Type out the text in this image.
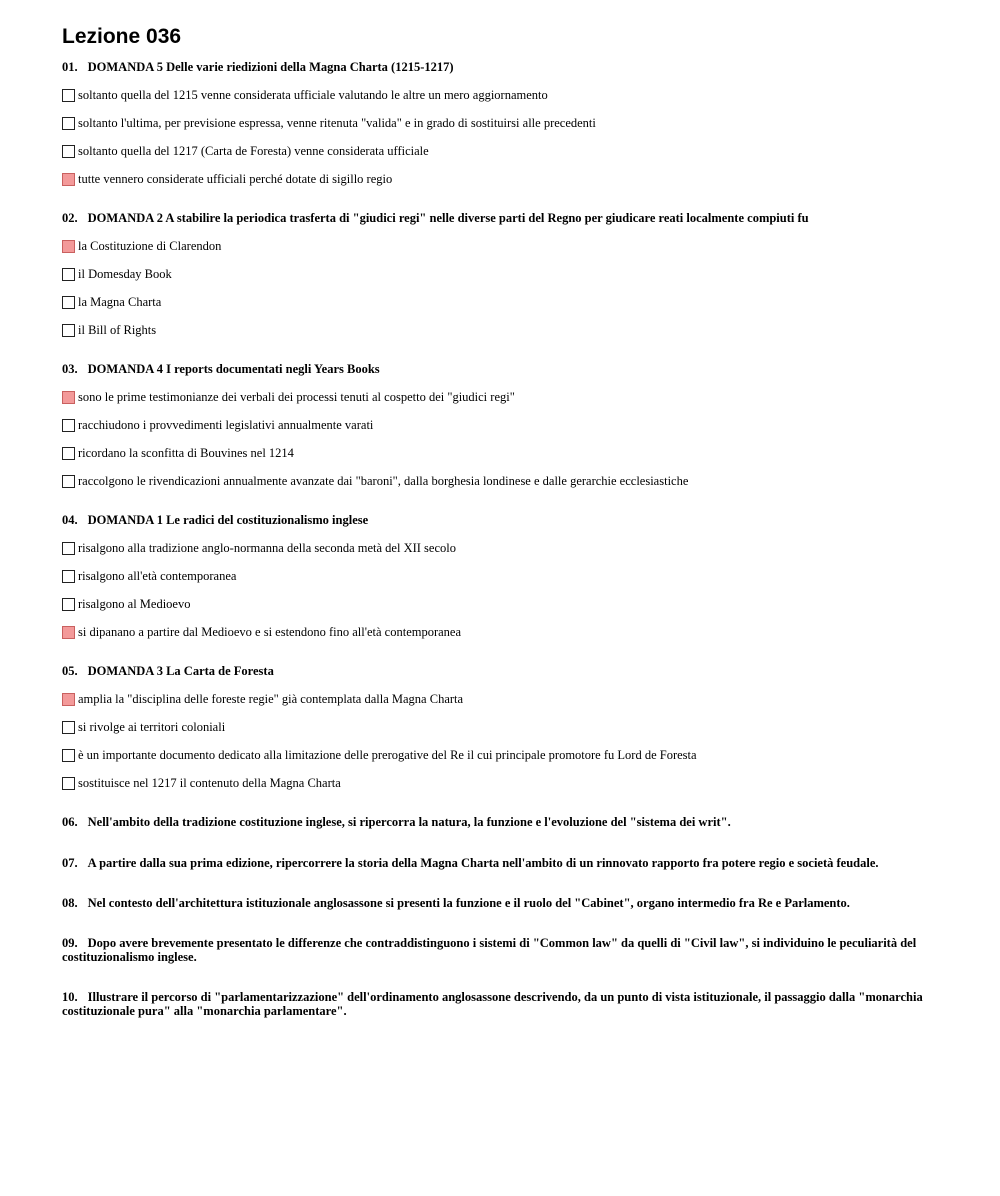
Lezione 036
01. DOMANDA 5 Delle varie riedizioni della Magna Charta (1215-1217)
soltanto quella del 1215 venne considerata ufficiale valutando le altre un mero aggiornamento
soltanto l'ultima, per previsione espressa, venne ritenuta "valida" e in grado di sostituirsi alle precedenti
soltanto quella del 1217 (Carta de Foresta) venne considerata ufficiale
tutte vennero considerate ufficiali perché dotate di sigillo regio
02. DOMANDA 2 A stabilire la periodica trasferta di "giudici regi" nelle diverse parti del Regno per giudicare reati localmente compiuti fu
la Costituzione di Clarendon
il Domesday Book
la Magna Charta
il Bill of Rights
03. DOMANDA 4 I reports documentati negli Years Books
sono le prime testimonianze dei verbali dei processi tenuti al cospetto dei "giudici regi"
racchiudono i provvedimenti legislativi annualmente varati
ricordano la sconfitta di Bouvines nel 1214
raccolgono le rivendicazioni annualmente avanzate dai "baroni", dalla borghesia londinese e dalle gerarchie ecclesiastiche
04. DOMANDA 1 Le radici del costituzionalismo inglese
risalgono alla tradizione anglo-normanna della seconda metà del XII secolo
risalgono all'età contemporanea
risalgono al Medioevo
si dipanano a partire dal Medioevo e si estendono fino all'età contemporanea
05. DOMANDA 3 La Carta de Foresta
amplia la "disciplina delle foreste regie" già contemplata dalla Magna Charta
si rivolge ai territori coloniali
è un importante documento dedicato alla limitazione delle prerogative del Re il cui principale promotore fu Lord de Foresta
sostituisce nel 1217 il contenuto della Magna Charta
06. Nell'ambito della tradizione costituzione inglese, si ripercorra la natura, la funzione e l'evoluzione del "sistema dei writ".
07. A partire dalla sua prima edizione, ripercorrere la storia della Magna Charta nell'ambito di un rinnovato rapporto fra potere regio e società feudale.
08. Nel contesto dell'architettura istituzionale anglosassone si presenti la funzione e il ruolo del "Cabinet", organo intermedio fra Re e Parlamento.
09. Dopo avere brevemente presentato le differenze che contraddistinguono i sistemi di "Common law" da quelli di "Civil law", si individuino le peculiarità del costituzionalismo inglese.
10. Illustrare il percorso di "parlamentarizzazione" dell'ordinamento anglosassone descrivendo, da un punto di vista istituzionale, il passaggio dalla "monarchia costituzionale pura" alla "monarchia parlamentare".
